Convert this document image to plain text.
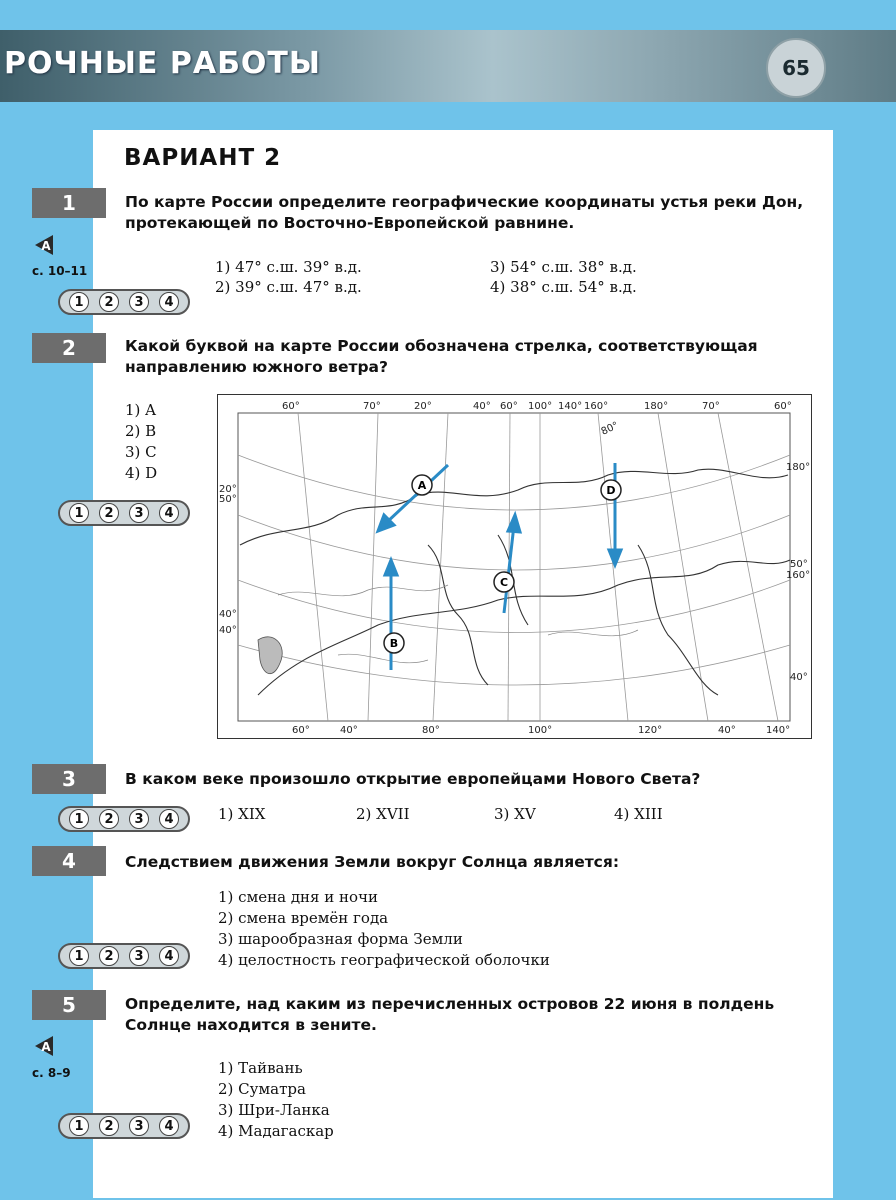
РОЧНЫЕ РАБОТЫ	65
ВАРИАНТ 2
1	По карте России определите географические координаты устья реки Дон, протекающей по Восточно-Европейской равнине.
A
с. 10–11	1) 47° с.ш. 39° в.д.
2) 39° с.ш. 47° в.д.
3) 54° с.ш. 38° в.д.
4) 38° с.ш. 54° в.д.
1	2	3	4
2	Какой буквой на карте России обозначена стрелка, соответствующая направлению южного ветра?
1) A
2) B
3) C
4) D
1	2	3	4
A
B
C
D
60°	70°	20°	40° 60° 100° 140° 160°	180°	70°	60°
60°	40°	80°	100°	120°	40°	140°
20°
50°
40°
40°
180°
50°
160°
40°
80°
3	В каком веке произошло открытие европейцами Нового Света?
1	2	3	4	1) XIX	2) XVII	3) XV	4) XIII
4	Следствием движения Земли вокруг Солнца является:
1) смена дня и ночи
2) смена времён года
3) шарообразная форма Земли
4) целостность географической оболочки
1	2	3	4
5	Определите, над каким из перечисленных островов 22 июня в полдень Солнце находится в зените.
A
с. 8–9	1) Тайвань
2) Суматра
3) Шри-Ланка
4) Мадагаскар
1	2	3	4
